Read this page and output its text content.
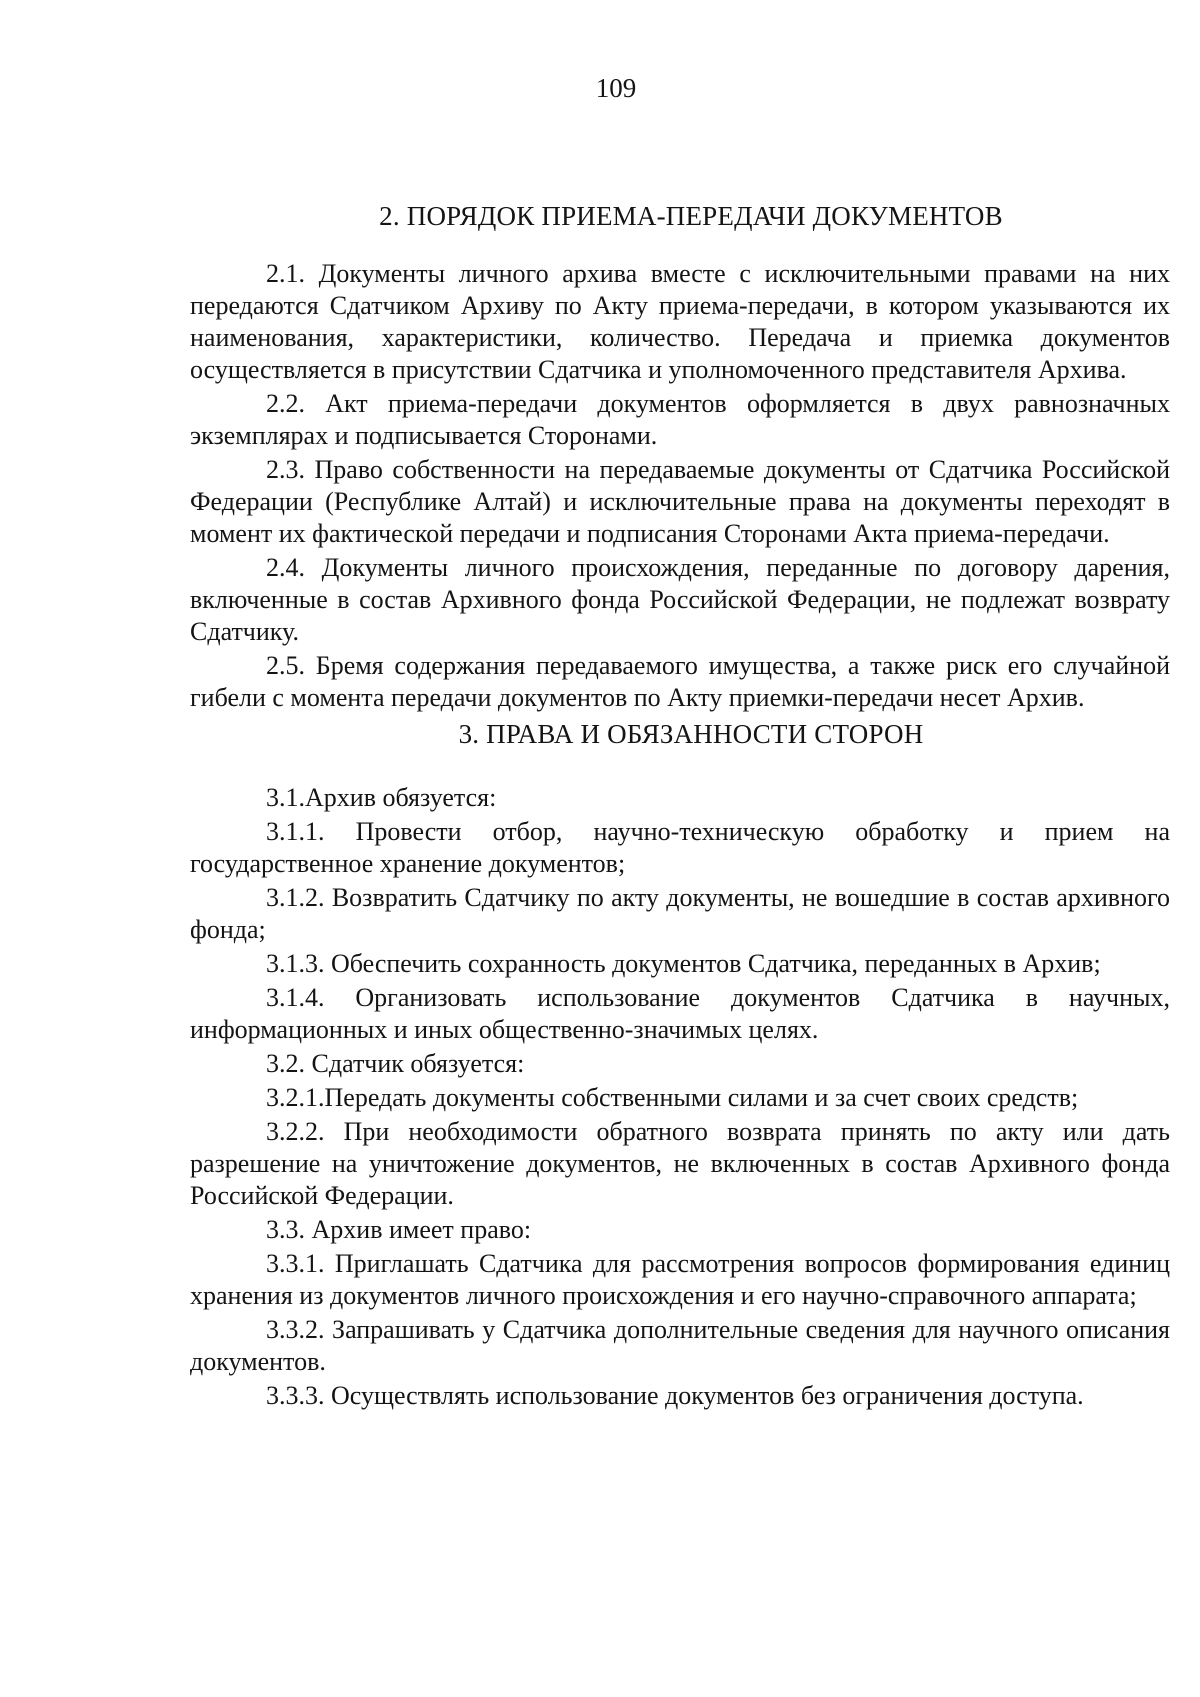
109
2. ПОРЯДОК ПРИЕМА-ПЕРЕДАЧИ ДОКУМЕНТОВ

2.1. Документы личного архива вместе с исключительными правами на них передаются Сдатчиком Архиву по Акту приема-передачи, в котором указываются их наименования, характеристики, количество. Передача и приемка документов осуществляется в присутствии Сдатчика и уполномоченного представителя Архива.

2.2. Акт приема-передачи документов оформляется в двух равнозначных экземплярах и подписывается Сторонами.

2.3. Право собственности на передаваемые документы от Сдатчика Российской Федерации (Республике Алтай) и исключительные права на документы переходят в момент их фактической передачи и подписания Сторонами Акта приема-передачи.

2.4. Документы личного происхождения, переданные по договору дарения, включенные в состав Архивного фонда Российской Федерации, не подлежат возврату Сдатчику.

2.5. Бремя содержания передаваемого имущества, а также риск его случайной гибели с момента передачи документов по Акту приемки-передачи несет Архив.

3. ПРАВА И ОБЯЗАННОСТИ СТОРОН

3.1.Архив обязуется:

3.1.1. Провести отбор, научно-техническую обработку и прием на государственное хранение документов;

3.1.2. Возвратить Сдатчику по акту документы, не вошедшие в состав архивного фонда;

3.1.3. Обеспечить сохранность документов Сдатчика, переданных в Архив;

3.1.4. Организовать использование документов Сдатчика в научных, информационных и иных общественно-значимых целях.

3.2. Сдатчик обязуется:

3.2.1.Передать документы собственными силами и за счет своих средств;

3.2.2. При необходимости обратного возврата принять по акту или дать разрешение на уничтожение документов, не включенных в состав Архивного фонда Российской Федерации.

3.3. Архив имеет право:

3.3.1. Приглашать Сдатчика для рассмотрения вопросов формирования единиц хранения из документов личного происхождения и его научно-справочного аппарата;

3.3.2. Запрашивать у Сдатчика дополнительные сведения для научного описания документов.

3.3.3. Осуществлять использование документов без ограничения доступа.
